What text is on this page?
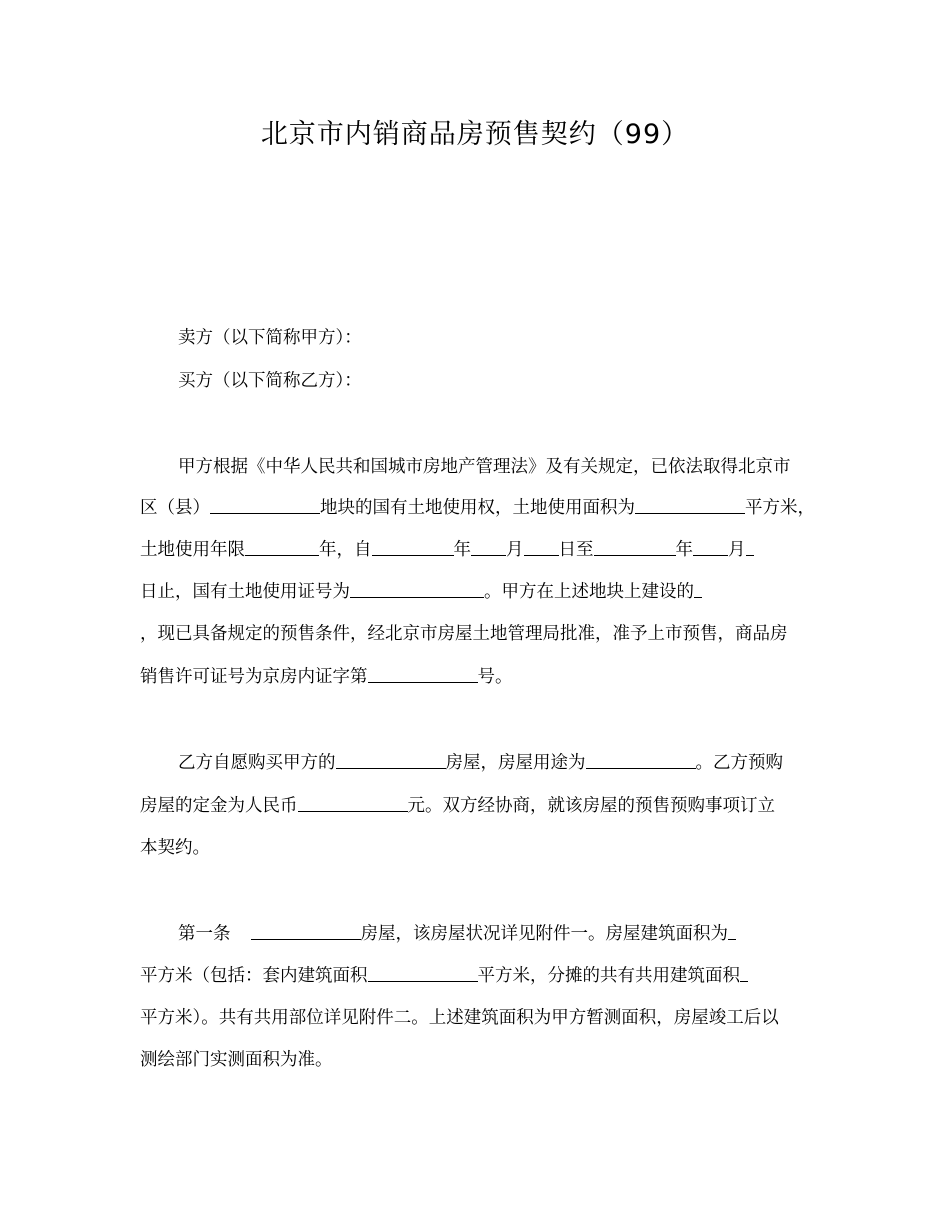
北京市内销商品房预售契约（99）
卖方（以下简称甲方）：
买方（以下简称乙方）：
甲方根据《中华人民共和国城市房地产管理法》及有关规定，已依法取得北京市
区（县）	地块的国有土地使用权，土地使用面积为	平方米，
土地使用年限	年，自	年 月 日至	年 月
日止，国有土地使用证号为	。甲方在上述地块上建设的
，现已具备规定的预售条件，经北京市房屋土地管理局批准，准予上市预售，商品房
销售许可证号为京房内证字第	号。
乙方自愿购买甲方的	房屋，房屋用途为	。乙方预购
房屋的定金为人民币	元。双方经协商，就该房屋的预售预购事项订立
本契约。
第一条	房屋，该房屋状况详见附件一。房屋建筑面积为
平方米（包括：套内建筑面积	平方米，分摊的共有共用建筑面积
平方米）。共有共用部位详见附件二。上述建筑面积为甲方暂测面积，房屋竣工后以
测绘部门实测面积为准。
